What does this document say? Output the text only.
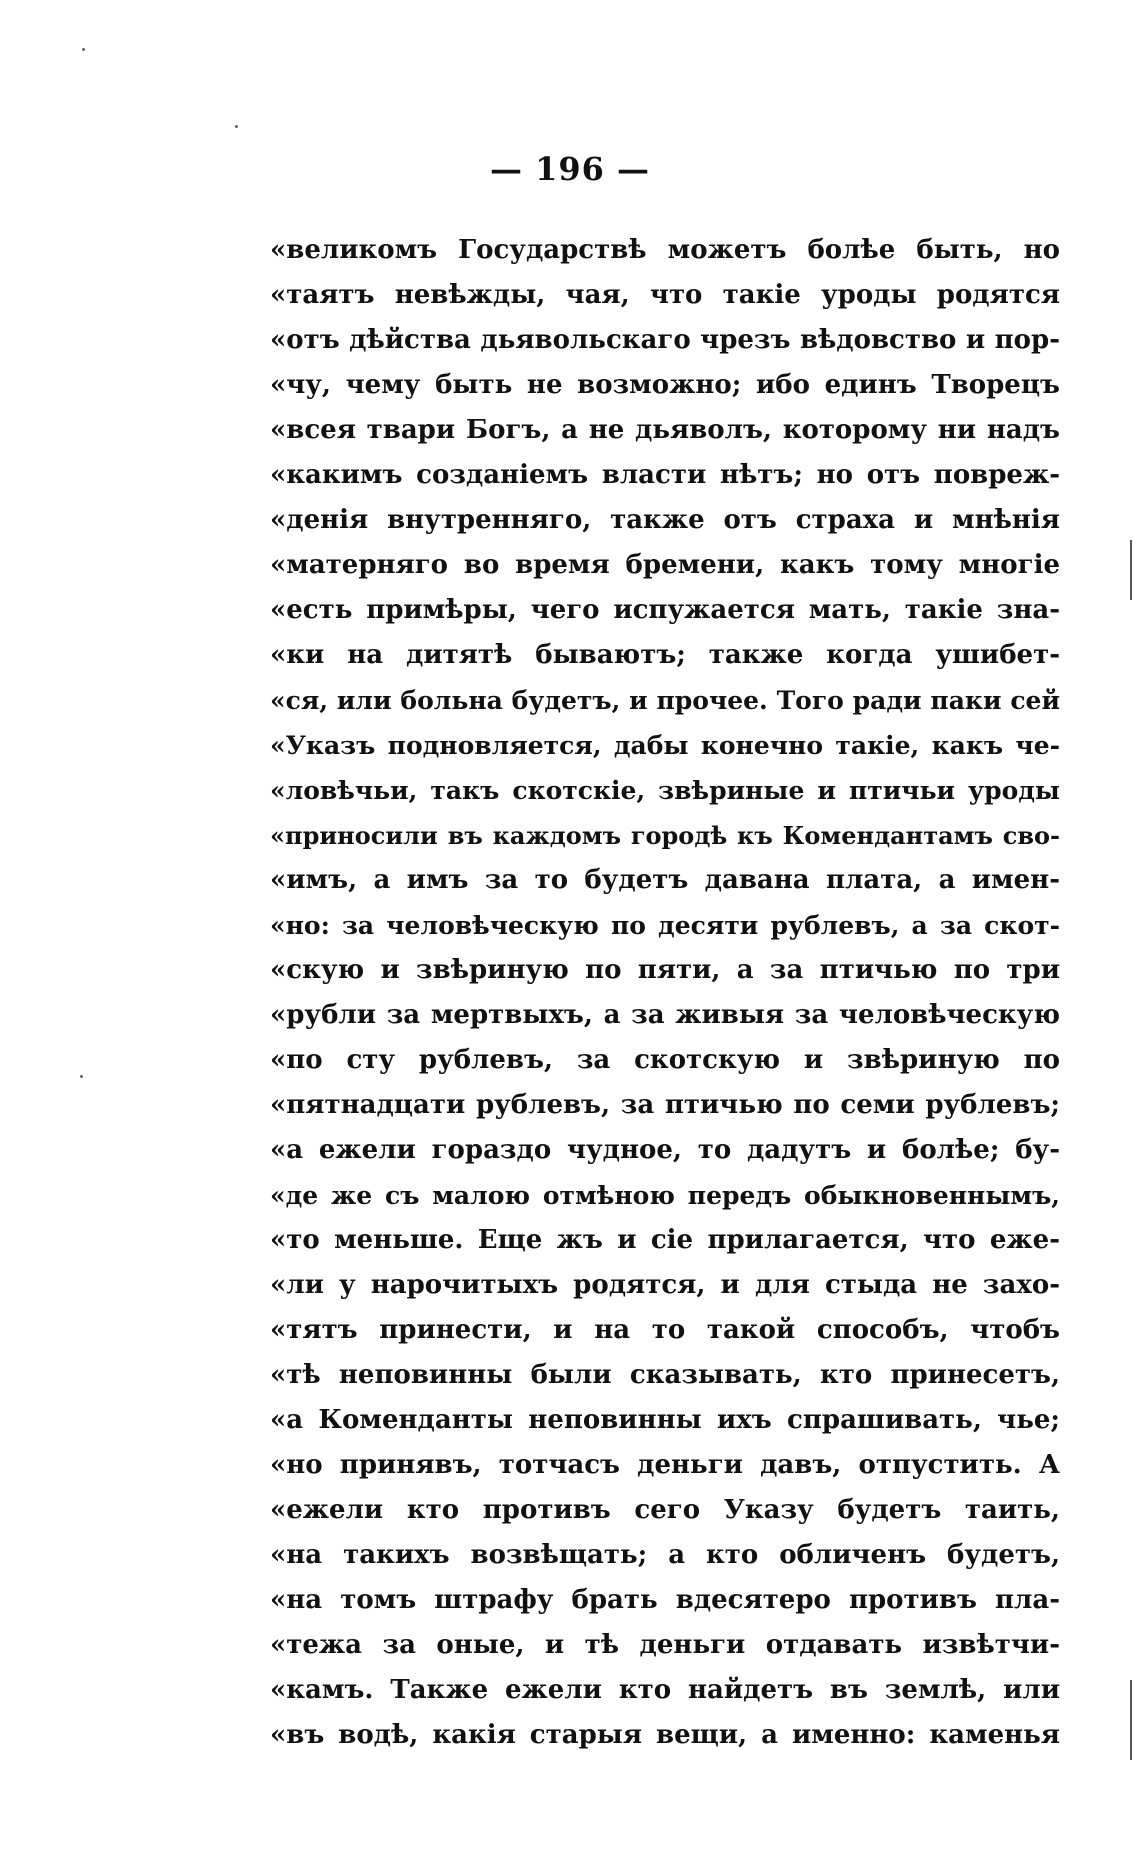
— 196 —
«великомъ Государствѣ можетъ болѣе быть, но
«таятъ невѣжды, чая, что такіе уроды родятся
«отъ дѣйства дьявольскаго чрезъ вѣдовство и пор-
«чу, чему быть не возможно; ибо единъ Творецъ
«всея твари Богъ, а не дьяволъ, которому ни надъ
«какимъ созданіемъ власти нѣтъ; но отъ повреж-
«денія внутренняго, также отъ страха и мнѣнія
«матерняго во время бремени, какъ тому многіе
«есть примѣры, чего испужается мать, такіе зна-
«ки на дитятѣ бываютъ; также когда ушибет-
«ся, или больна будетъ, и прочее. Того ради паки сей
«Указъ подновляется, дабы конечно такіе, какъ че-
«ловѣчьи, такъ скотскіе, звѣриные и птичьи уроды
«приносили въ каждомъ городѣ къ Комендантамъ сво-
«имъ, а имъ за то будетъ давана плата, а имен-
«но: за человѣческую по десяти рублевъ, а за скот-
«скую и звѣриную по пяти, а за птичью по три
«рубли за мертвыхъ, а за живыя за человѣческую
«по сту рублевъ, за скотскую и звѣриную по
«пятнадцати рублевъ, за птичью по семи рублевъ;
«а ежели гораздо чудное, то дадутъ и болѣе; бу-
«де же съ малою отмѣною передъ обыкновеннымъ,
«то меньше. Еще жъ и сіе прилагается, что еже-
«ли у нарочитыхъ родятся, и для стыда не захо-
«тятъ принести, и на то такой способъ, чтобъ
«тѣ неповинны были сказывать, кто принесетъ,
«а Коменданты неповинны ихъ спрашивать, чье;
«но принявъ, тотчасъ деньги давъ, отпустить. А
«ежели кто противъ сего Указу будетъ таить,
«на такихъ возвѣщать; а кто обличенъ будетъ,
«на томъ штрафу брать вдесятеро противъ пла-
«тежа за оные, и тѣ деньги отдавать извѣтчи-
«камъ. Также ежели кто найдетъ въ землѣ, или
«въ водѣ, какія старыя вещи, а именно: каменья
